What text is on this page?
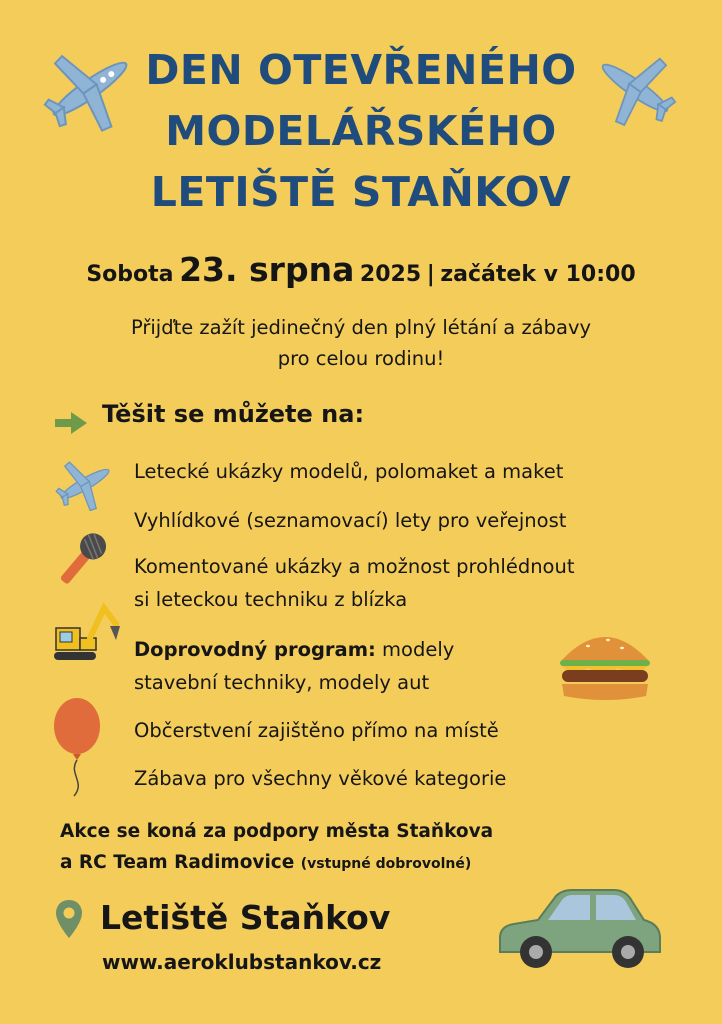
DEN OTEVŘENÉHO
MODELÁŘSKÉHO
LETIŠTĚ STAŇKOV
Sobota 23. srpna 2025 | začátek v 10:00
Přijďte zažít jedinečný den plný létání a zábavy
pro celou rodinu!
Těšit se můžete na:
Letecké ukázky modelů, polomaket a maket
Vyhlídkové (seznamovací) lety pro veřejnost
Komentované ukázky a možnost prohlédnout
si leteckou techniku z blízka
Doprovodný program: modely
stavební techniky, modely aut
Občerstvení zajištěno přímo na místě
Zábava pro všechny věkové kategorie
Akce se koná za podpory města Staňkova
a RC Team Radimovice (vstupné dobrovolné)
Letiště Staňkov
www.aeroklubstankov.cz
